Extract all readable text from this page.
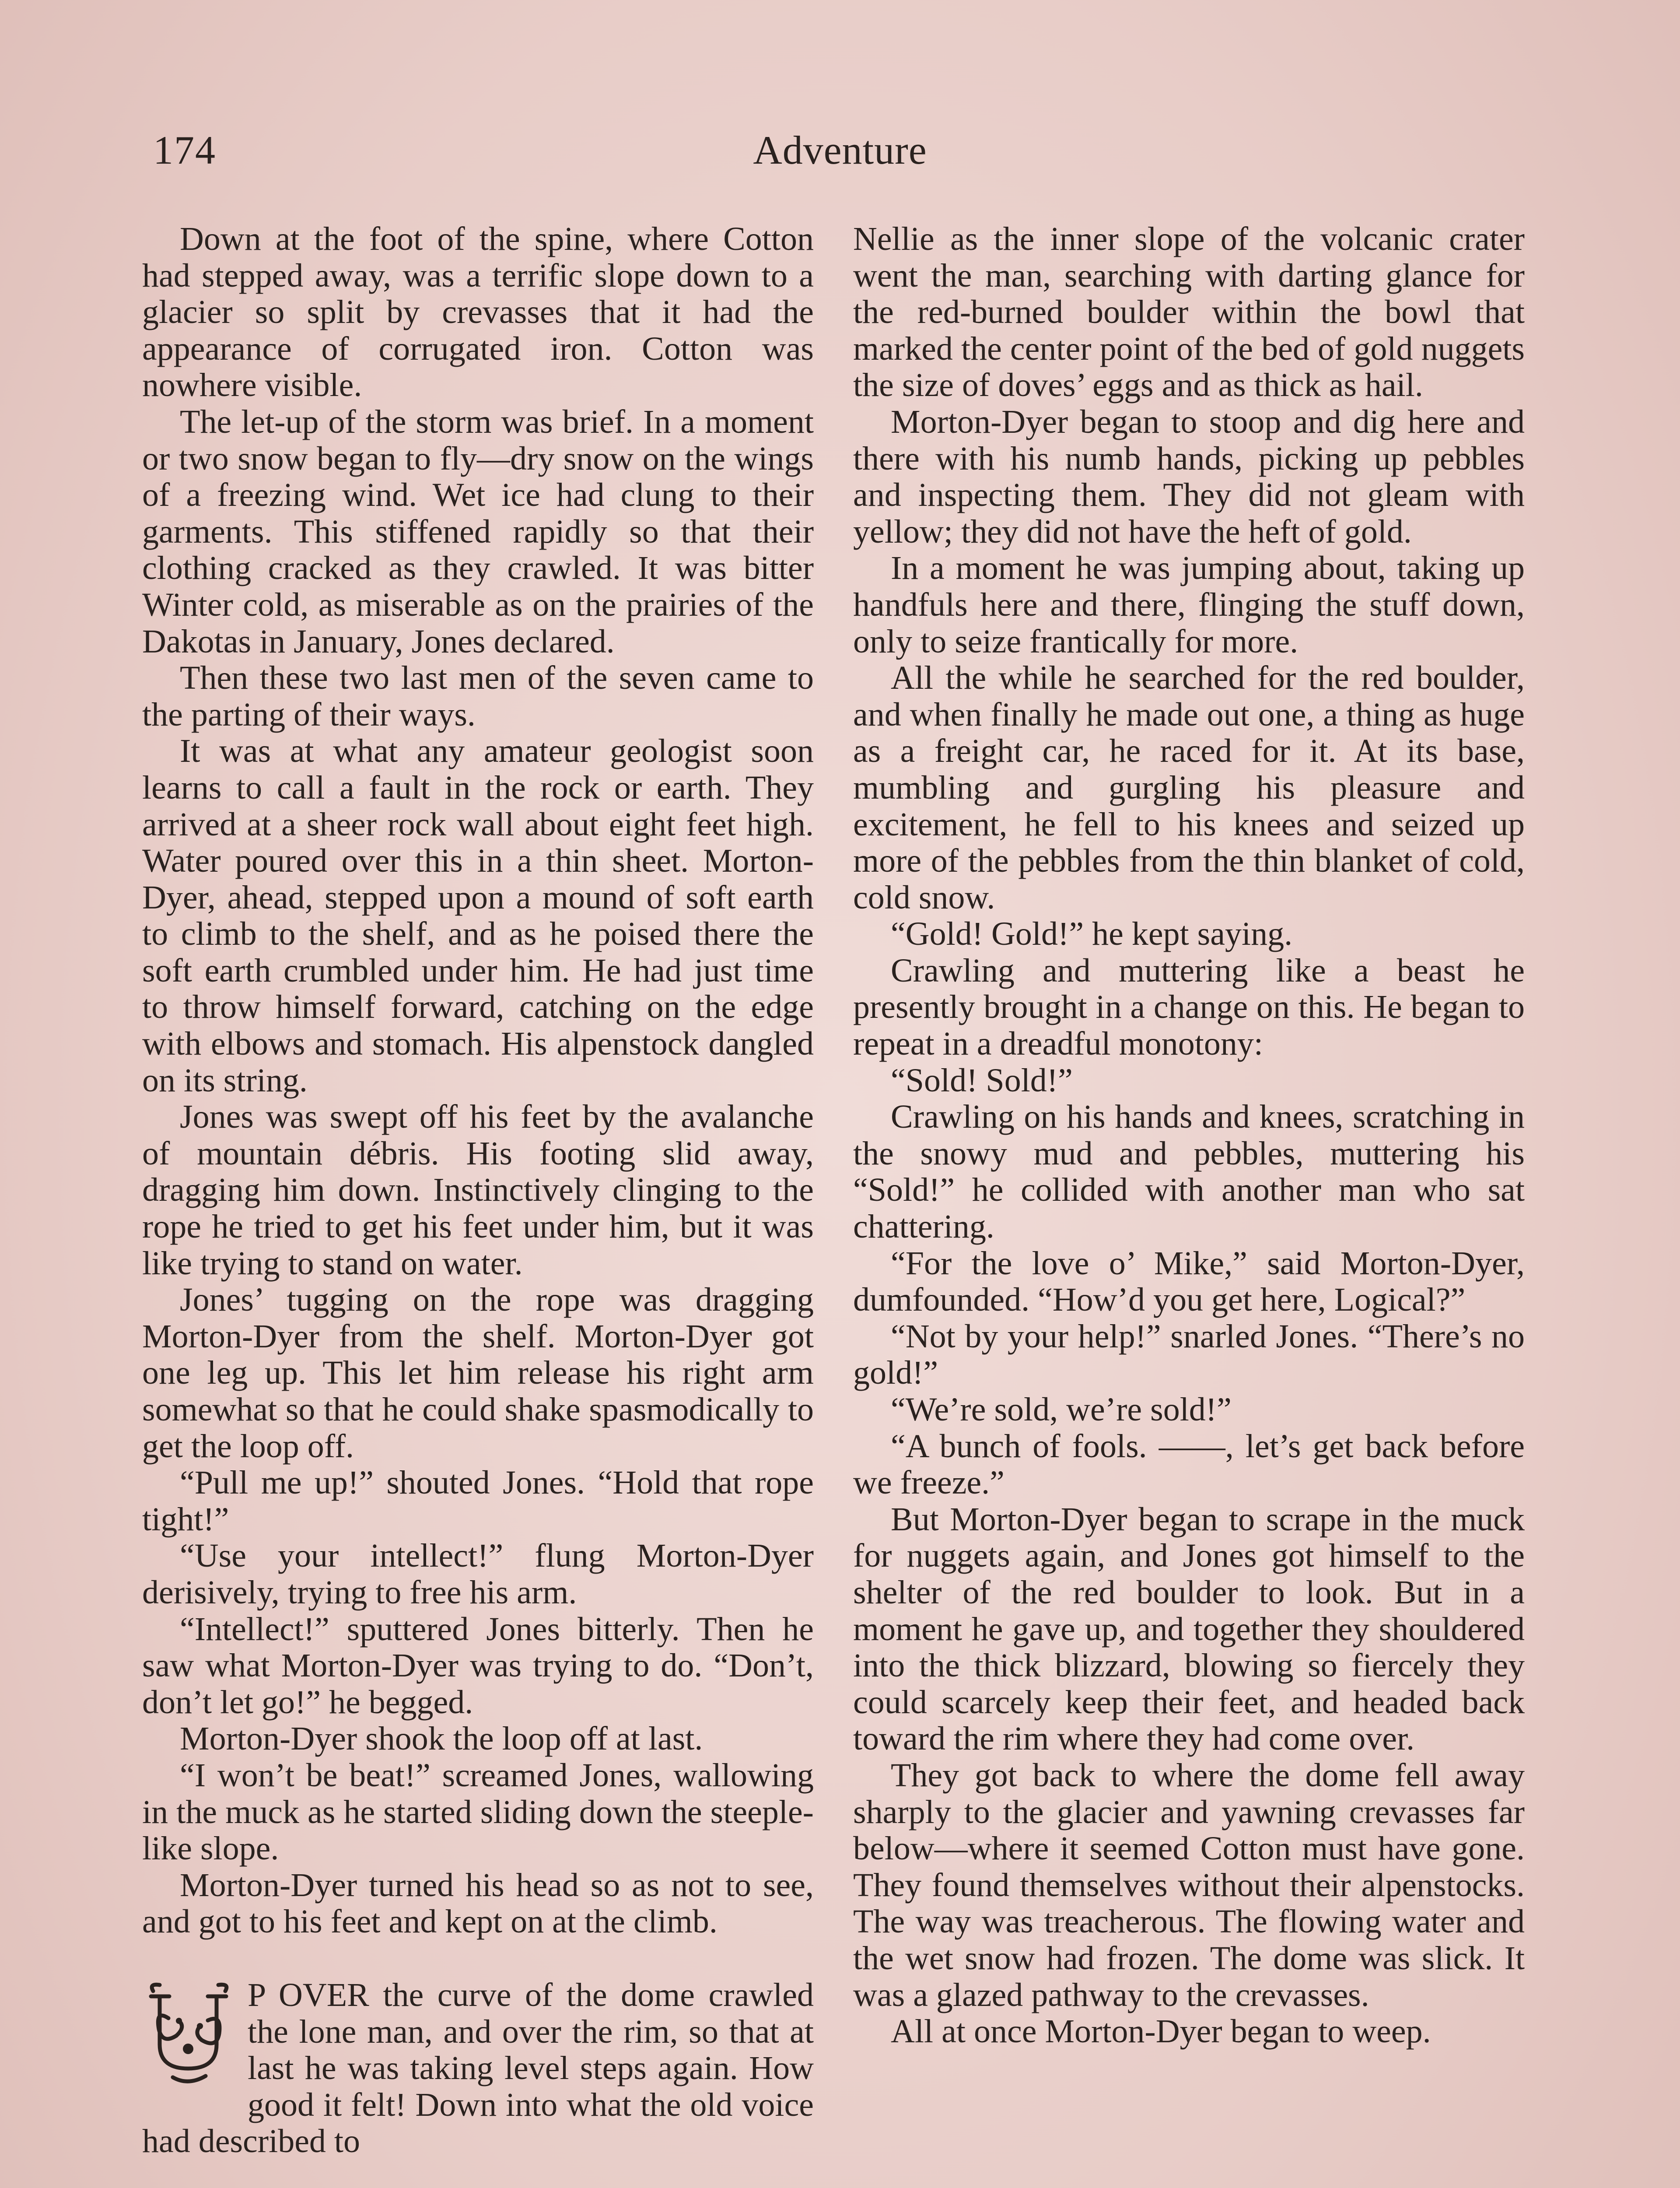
174	Adventure

Down at the foot of the spine, where Cotton had stepped away, was a terrific slope down to a glacier so split by crevasses that it had the appearance of corrugated iron. Cotton was nowhere visible.

The let-up of the storm was brief. In a moment or two snow began to fly—dry snow on the wings of a freezing wind. Wet ice had clung to their garments. This stiffened rapidly so that their clothing cracked as they crawled. It was bitter Winter cold, as miserable as on the prairies of the Dakotas in January, Jones declared.

Then these two last men of the seven came to the parting of their ways.

It was at what any amateur geologist soon learns to call a fault in the rock or earth. They arrived at a sheer rock wall about eight feet high. Water poured over this in a thin sheet. Morton-Dyer, ahead, stepped upon a mound of soft earth to climb to the shelf, and as he poised there the soft earth crumbled under him. He had just time to throw himself forward, catching on the edge with elbows and stomach. His alpenstock dangled on its string.

Jones was swept off his feet by the avalanche of mountain débris. His footing slid away, dragging him down. Instinctively clinging to the rope he tried to get his feet under him, but it was like trying to stand on water.

Jones’ tugging on the rope was dragging Morton-Dyer from the shelf. Morton-Dyer got one leg up. This let him release his right arm somewhat so that he could shake spasmodically to get the loop off.

“Pull me up!” shouted Jones. “Hold that rope tight!”

“Use your intellect!” flung Morton-Dyer derisively, trying to free his arm.

“Intellect!” sputtered Jones bitterly. Then he saw what Morton-Dyer was trying to do. “Don’t, don’t let go!” he begged.

Morton-Dyer shook the loop off at last.

“I won’t be beat!” screamed Jones, wallowing in the muck as he started sliding down the steeple-like slope.

Morton-Dyer turned his head so as not to see, and got to his feet and kept on at the climb.

P OVER the curve of the dome crawled the lone man, and over the rim, so that at last he was taking level steps again. How good it felt! Down into what the old voice had described to

Nellie as the inner slope of the volcanic crater went the man, searching with darting glance for the red-burned boulder within the bowl that marked the center point of the bed of gold nuggets the size of doves’ eggs and as thick as hail.

Morton-Dyer began to stoop and dig here and there with his numb hands, picking up pebbles and inspecting them. They did not gleam with yellow; they did not have the heft of gold.

In a moment he was jumping about, taking up handfuls here and there, flinging the stuff down, only to seize frantically for more.

All the while he searched for the red boulder, and when finally he made out one, a thing as huge as a freight car, he raced for it. At its base, mumbling and gurgling his pleasure and excitement, he fell to his knees and seized up more of the pebbles from the thin blanket of cold, cold snow.

“Gold! Gold!” he kept saying.

Crawling and muttering like a beast he presently brought in a change on this. He began to repeat in a dreadful monotony:

“Sold! Sold!”

Crawling on his hands and knees, scratching in the snowy mud and pebbles, muttering his “Sold!” he collided with another man who sat chattering.

“For the love o’ Mike,” said Morton-Dyer, dumfounded. “How’d you get here, Logical?”

“Not by your help!” snarled Jones. “There’s no gold!”

“We’re sold, we’re sold!”

“A bunch of fools. ——, let’s get back before we freeze.”

But Morton-Dyer began to scrape in the muck for nuggets again, and Jones got himself to the shelter of the red boulder to look. But in a moment he gave up, and together they shouldered into the thick blizzard, blowing so fiercely they could scarcely keep their feet, and headed back toward the rim where they had come over.

They got back to where the dome fell away sharply to the glacier and yawning crevasses far below—where it seemed Cotton must have gone. They found themselves without their alpenstocks. The way was treacherous. The flowing water and the wet snow had frozen. The dome was slick. It was a glazed pathway to the crevasses.

All at once Morton-Dyer began to weep.
